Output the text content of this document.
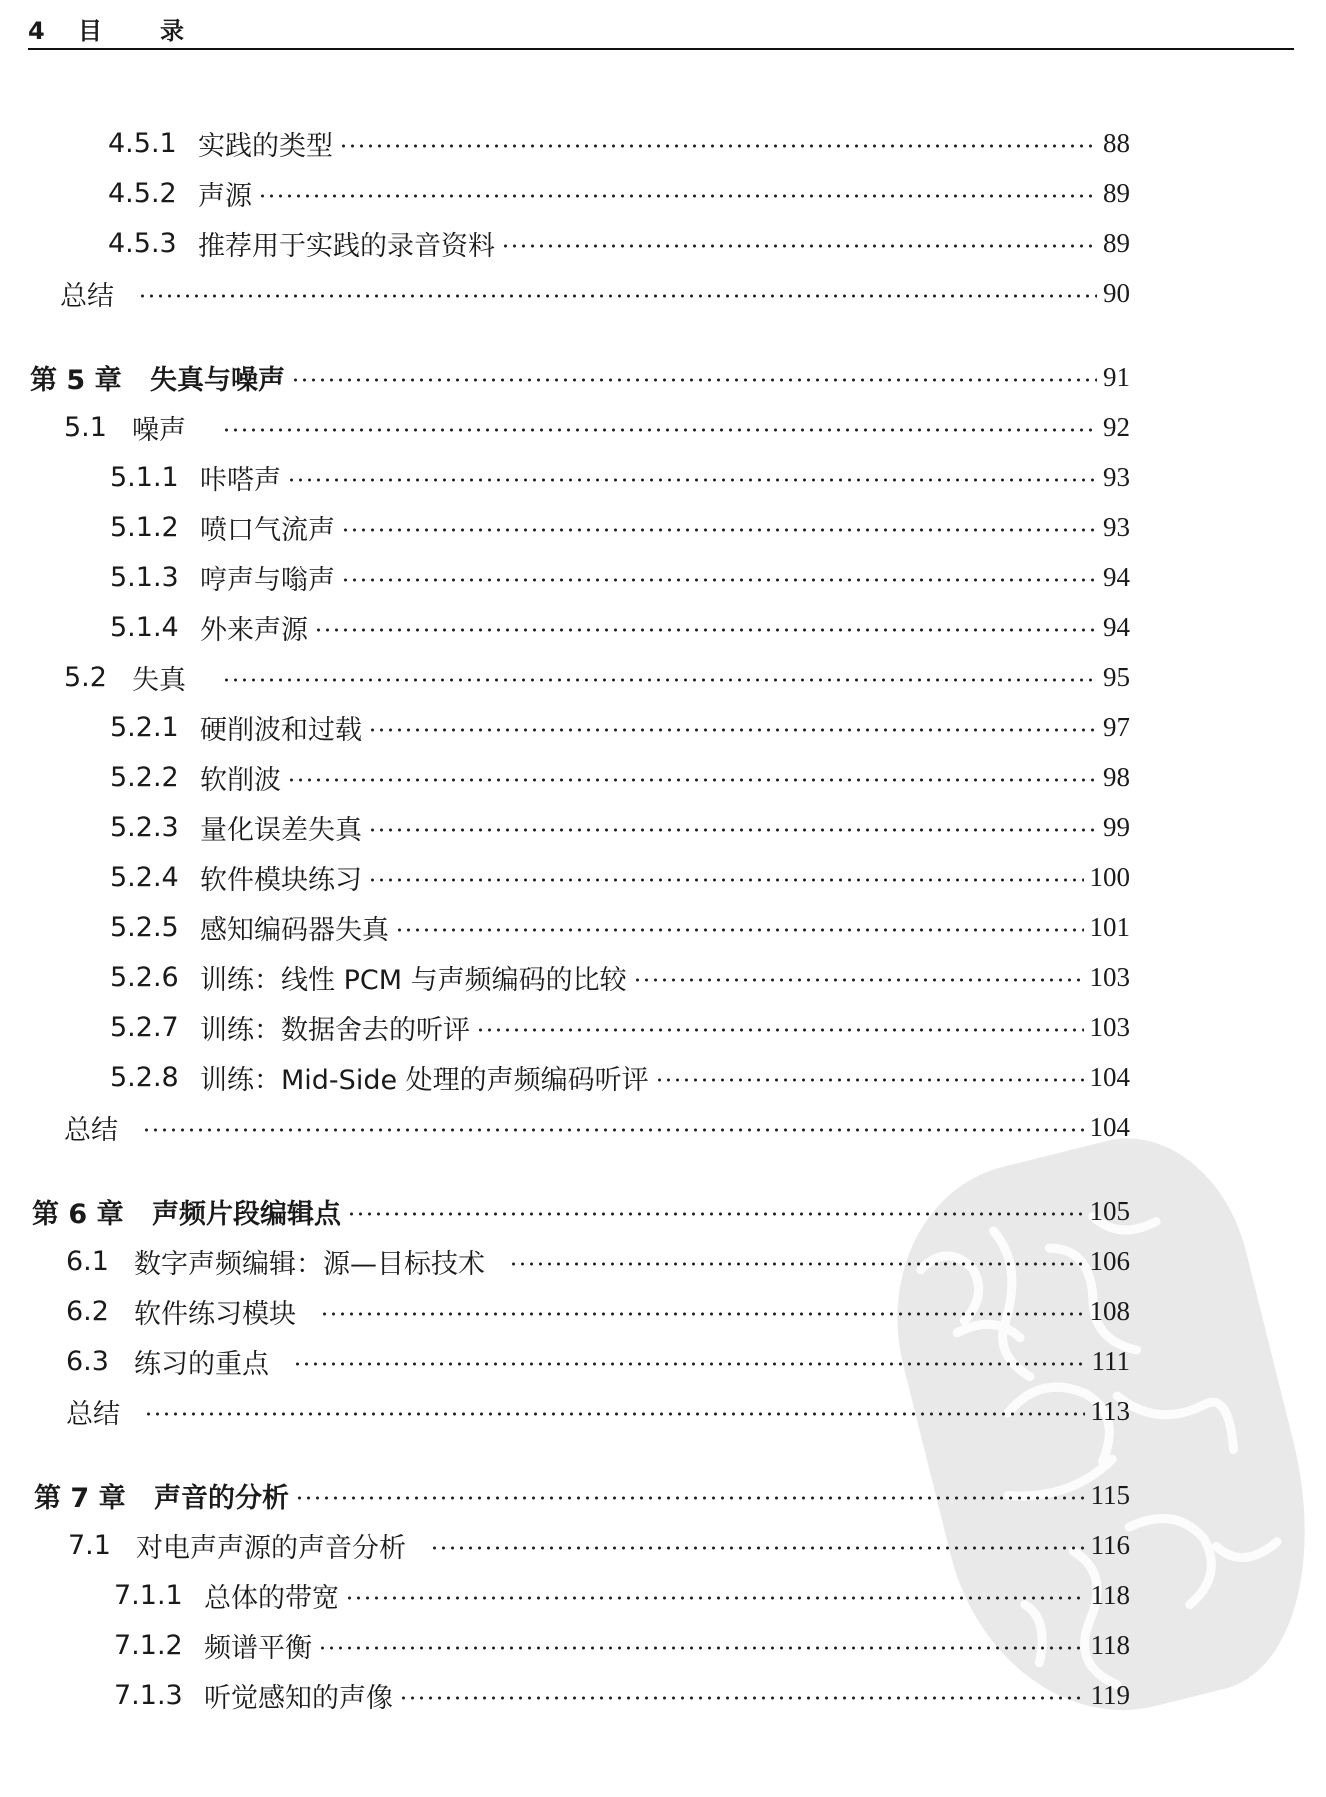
4 目录
4.5.1 实践的类型	88
4.5.2 声源	89
4.5.3 推荐用于实践的录音资料	89
总结	90
第 5 章	失真与噪声	91
5.1 噪声	92
5.1.1 咔嗒声	93
5.1.2 喷口气流声	93
5.1.3 哼声与嗡声	94
5.1.4 外来声源	94
5.2 失真	95
5.2.1 硬削波和过载	97
5.2.2 软削波	98
5.2.3 量化误差失真	99
5.2.4 软件模块练习	100
5.2.5 感知编码器失真	101
5.2.6 训练：线性 PCM 与声频编码的比较	103
5.2.7 训练：数据舍去的听评	103
5.2.8 训练：Mid-Side 处理的声频编码听评	104
总结	104
第 6 章	声频片段编辑点	105
6.1 数字声频编辑：源—目标技术	106
6.2 软件练习模块	108
6.3 练习的重点	111
总结	113
第 7 章	声音的分析	115
7.1 对电声声源的声音分析	116
7.1.1 总体的带宽	118
7.1.2 频谱平衡	118
7.1.3 听觉感知的声像	119
